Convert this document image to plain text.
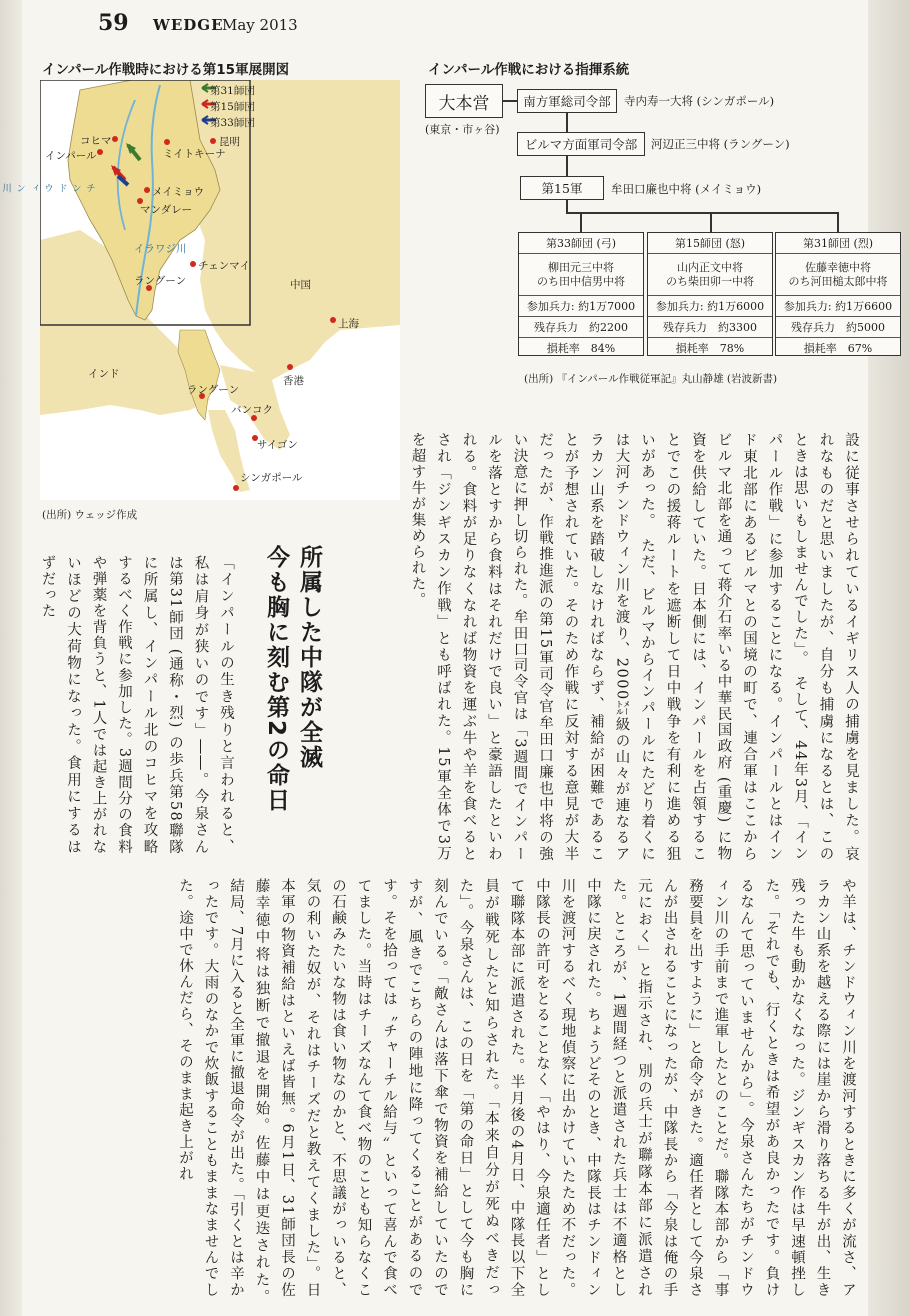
59 WEDGE
May 2013
インパール作戦時における第15軍展開図
第31師団
第15師団
第33師団
コヒマ
インパール	ミイトキーナ
昆明
メイミョウ
マンダレー
ラングーン
チェンマイ
中国
上海
インド
香港
ラングーン
バンコク
サイゴン
シンガポール
イラワジ川
チンドウィン川
(出所) ウェッジ作成
インパール作戦における指揮系統
大本営
(東京・市ヶ谷)
南方軍総司令部	寺内寿一大将 (シンガポール)
ビルマ方面軍司令部	河辺正三中将 (ラングーン)
第15軍	牟田口廉也中将 (メイミョウ)
第33師団 (弓)
柳田元三中将
のち田中信男中将
参加兵力: 約1万7000
残存兵力　約2200
損耗率　84%
第15師団 (怒)
山内正文中将
のち柴田卯一中将
参加兵力: 約1万6000
残存兵力　約3300
損耗率　78%
第31師団 (烈)
佐藤幸徳中将
のち河田槌太郎中将
参加兵力: 約1万6600
残存兵力　約5000
損耗率　67%
(出所) 『インパール作戦従軍記』丸山静雄 (岩波新書)
設に従事させられているイギリス人の捕虜を見ました。哀れなものだと思いましたが、自分も捕虜になるとは、このときは思いもしませんでした」。　そして、44年3月、「インパール作戦」に参加することになる。インパールとはインド東北部にあるビルマとの国境の町で、連合軍はここからビルマ北部を通って蒋介石率いる中華民国政府 (重慶) に物資を供給していた。日本側には、インパールを占領することでこの援蒋ルートを遮断して日中戦争を有利に進める狙いがあった。　ただ、ビルマからインパールにたどり着くには大河チンドウィン川を渡り、2000㍍級の山々が連なるアラカン山系を踏破しなければならず、補給が困難であることが予想されていた。そのため作戦に反対する意見が大半だったが、作戦推進派の第15軍司令官牟田口廉也中将の強い決意に押し切られた。牟田口司令官は「3週間でインパールを落とすから食料はそれだけで良い」と豪語したといわれる。食料が足りなくなれば物資を運ぶ牛や羊を食べるとされ「ジンギスカン作戦」とも呼ばれた。15軍全体で3万を超す牛が集められた。
所属した中隊が全滅
今も胸に刻む第2の命日
「インパールの生き残りと言われると、私は肩身が狭いのです」――。今泉さんは第31師団 (通称・烈) の歩兵第58聯隊に所属し、インパール北のコヒマを攻略するべく作戦に参加した。3週間分の食料や弾薬を背負うと、1人では起き上がれないほどの大荷物になった。食用にするはずだった
や羊は、チンドウィン川を渡河するときに多くが流さ、アラカン山系を越える際には崖から滑り落ちる牛が出、生き残った牛も動かなくなった。ジンギスカン作は早速頓挫した。「それでも、行くときは希望があ良かったです。負けるなんて思っていませんから」。今泉さんたちがチンドウィン川の手前まで進軍したとのことだ。聯隊本部から「事務要員を出すように」と命令がきた。適任者として今泉さんが出されることになったが、中隊長から「今泉は俺の手元におく」と指示され、別の兵士が聯隊本部に派遣された。ところが、1週間経つと派遣された兵士は不適格とし中隊に戻された。ちょうどそのとき、中隊長はチンドィン川を渡河するべく現地偵察に出かけていたため不だった。中隊長の許可をとることなく「やはり、今泉適任者」として聯隊本部に派遣された。半月後の4月日、中隊長以下全員が戦死したと知らされた。「本来自分が死ぬべきだった」。今泉さんは、この日を「第の命日」として今も胸に刻んでいる。「敵さんは落下傘で物資を補給していたのですが、風きでこちらの陣地に降ってくることがあるのです。そを拾っては〝チャーチル給与〟といって喜んで食べてました。当時はチーズなんて食べ物のことも知らなくこの石鹸みたいな物は食い物なのかと、不思議がっいると、気の利いた奴が、それはチーズだと教えてくました」。日本軍の物資補給はといえば皆無。6月1日、31師団長の佐藤幸徳中将は独断で撤退を開始。佐藤中は更迭された。　結局、7月に入ると全軍に撤退命令が出た。「引くとは辛かったです。大雨のなかで炊飯することもままなませんでした。途中で休んだら、そのまま起き上がれ
